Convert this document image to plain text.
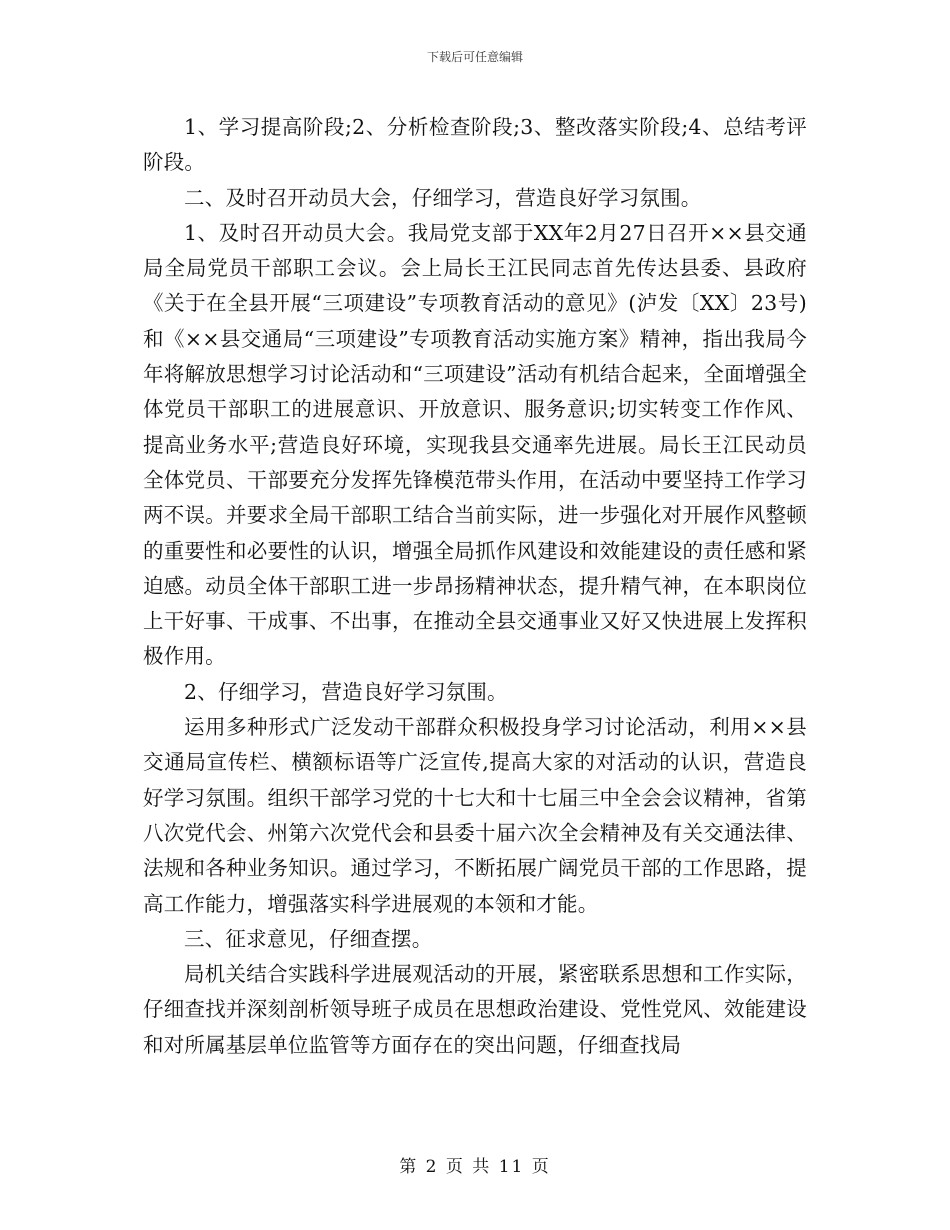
下载后可任意编辑

1、学习提高阶段;2、分析检查阶段;3、整改落实阶段;4、总结考评阶段。

二、及时召开动员大会，仔细学习，营造良好学习氛围。

1、及时召开动员大会。我局党支部于XX年2月27日召开××县交通局全局党员干部职工会议。会上局长王江民同志首先传达县委、县政府《关于在全县开展“三项建设”专项教育活动的意见》(泸发〔XX〕23号)和《××县交通局“三项建设”专项教育活动实施方案》精神，指出我局今年将解放思想学习讨论活动和“三项建设”活动有机结合起来，全面增强全体党员干部职工的进展意识、开放意识、服务意识;切实转变工作作风、提高业务水平;营造良好环境，实现我县交通率先进展。局长王江民动员全体党员、干部要充分发挥先锋模范带头作用，在活动中要坚持工作学习两不误。并要求全局干部职工结合当前实际，进一步强化对开展作风整顿的重要性和必要性的认识，增强全局抓作风建设和效能建设的责任感和紧迫感。动员全体干部职工进一步昂扬精神状态，提升精气神，在本职岗位上干好事、干成事、不出事，在推动全县交通事业又好又快进展上发挥积极作用。

2、仔细学习，营造良好学习氛围。

运用多种形式广泛发动干部群众积极投身学习讨论活动，利用××县交通局宣传栏、横额标语等广泛宣传,提高大家的对活动的认识，营造良好学习氛围。组织干部学习党的十七大和十七届三中全会会议精神，省第八次党代会、州第六次党代会和县委十届六次全会精神及有关交通法律、法规和各种业务知识。通过学习，不断拓展广阔党员干部的工作思路，提高工作能力，增强落实科学进展观的本领和才能。

三、征求意见，仔细查摆。

局机关结合实践科学进展观活动的开展，紧密联系思想和工作实际，仔细查找并深刻剖析领导班子成员在思想政治建设、党性党风、效能建设和对所属基层单位监管等方面存在的突出问题，仔细查找局

第 2 页 共 11 页
